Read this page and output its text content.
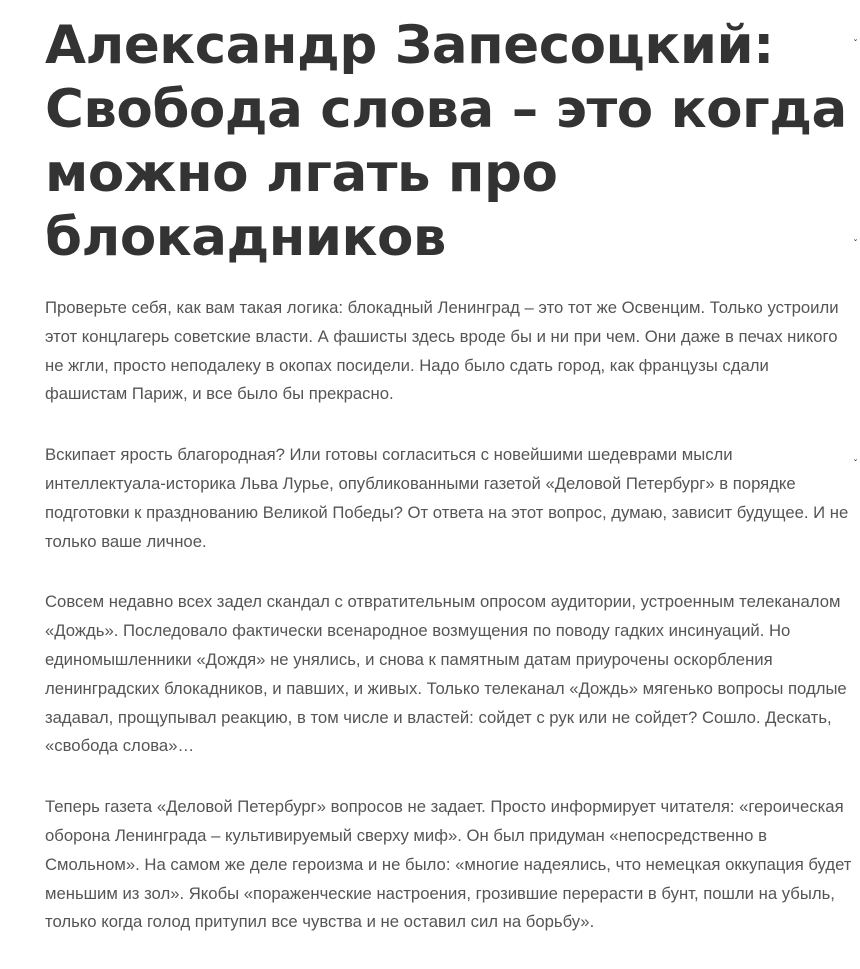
Александр Запесоцкий: Свобода слова – это когда можно лгать про блокадников

Проверьте себя, как вам такая логика: блокадный Ленинград – это тот же Освенцим. Только устроили этот концлагерь советские власти. А фашисты здесь вроде бы и ни при чем. Они даже в печах никого не жгли, просто неподалеку в окопах посидели. Надо было сдать город, как французы сдали фашистам Париж, и все было бы прекрасно.

Вскипает ярость благородная? Или готовы согласиться с новейшими шедеврами мысли интеллектуала-историка Льва Лурье, опубликованными газетой «Деловой Петербург» в порядке подготовки к празднованию Великой Победы? От ответа на этот вопрос, думаю, зависит будущее. И не только ваше личное.

Совсем недавно всех задел скандал с отвратительным опросом аудитории, устроенным телеканалом «Дождь». Последовало фактически всенародное возмущения по поводу гадких инсинуаций. Но единомышленники «Дождя» не унялись, и снова к памятным датам приурочены оскорбления ленинградских блокадников, и павших, и живых. Только телеканал «Дождь» мягенько вопросы подлые задавал, прощупывал реакцию, в том числе и властей: сойдет с рук или не сойдет? Сошло. Дескать, «свобода слова»…

Теперь газета «Деловой Петербург» вопросов не задает. Просто информирует читателя: «героическая оборона Ленинграда – культивируемый сверху миф». Он был придуман «непосредственно в Смольном». На самом же деле героизма и не было: «многие надеялись, что немецкая оккупация будет меньшим из зол». Якобы «пораженческие настроения, грозившие перерасти в бунт, пошли на убыль, только когда голод притупил все чувства и не оставил сил на борьбу».

ˇ
ˇ
ˇ
